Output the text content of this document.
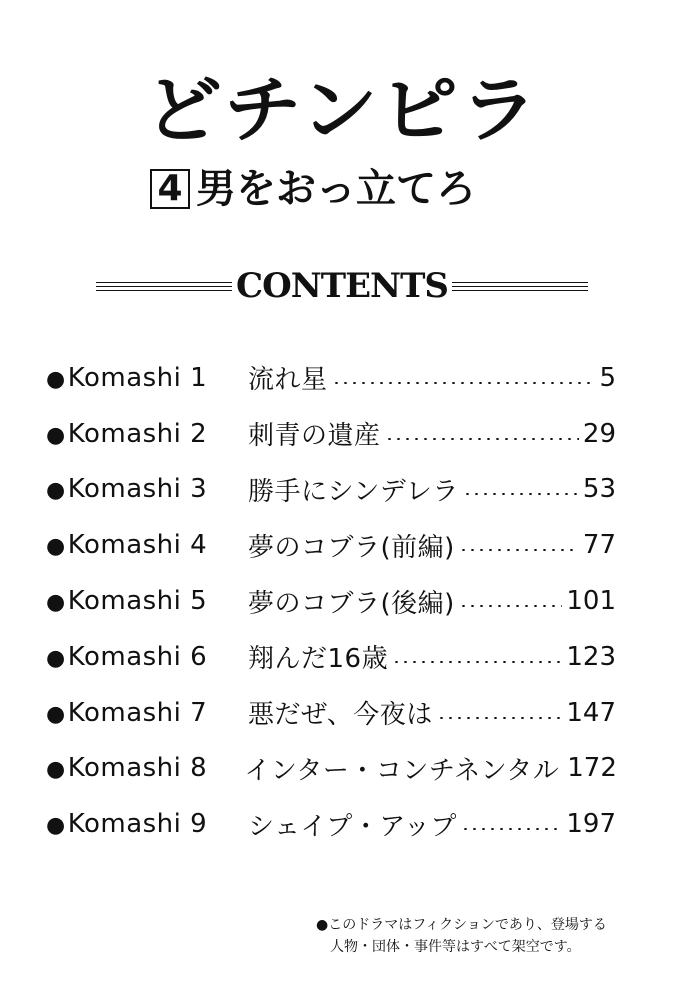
どチンピラ
4 男をおっ立てろ
CONTENTS
●Komashi 1	流れ星	5
●Komashi 2	刺青の遺産	29
●Komashi 3	勝手にシンデレラ	53
●Komashi 4	夢のコブラ(前編)	77
●Komashi 5	夢のコブラ(後編)	101
●Komashi 6	翔んだ16歳	123
●Komashi 7	悪だぜ、今夜は	147
●Komashi 8	インター・コンチネンタル 172
●Komashi 9	シェイプ・アップ	197
●このドラマはフィクションであり、登場する
人物・団体・事件等はすべて架空です。
